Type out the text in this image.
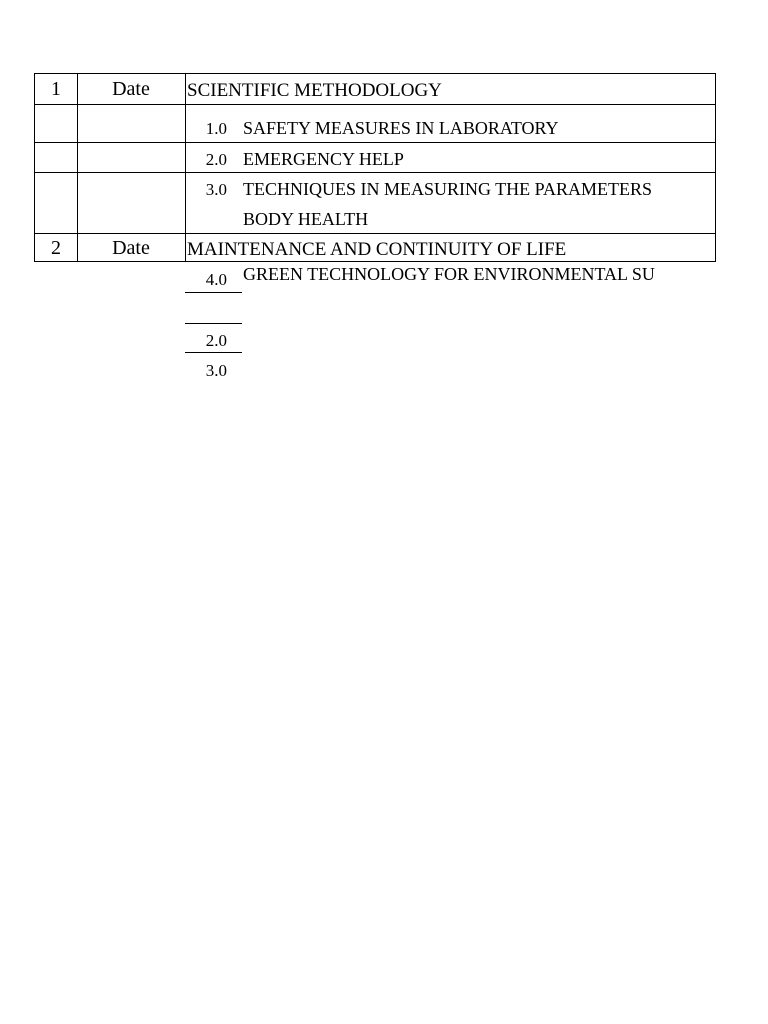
1	Date	SCIENTIFIC METHODOLOGY
1.0 SAFETY MEASURES IN LABORATORY
2.0 EMERGENCY HELP
3.0 TECHNIQUES IN MEASURING THE PARAMETERS
BODY HEALTH
2	Date	MAINTENANCE AND CONTINUITY OF LIFE
4.0 GREEN TECHNOLOGY FOR ENVIRONMENTAL SU
2.0
3.0
